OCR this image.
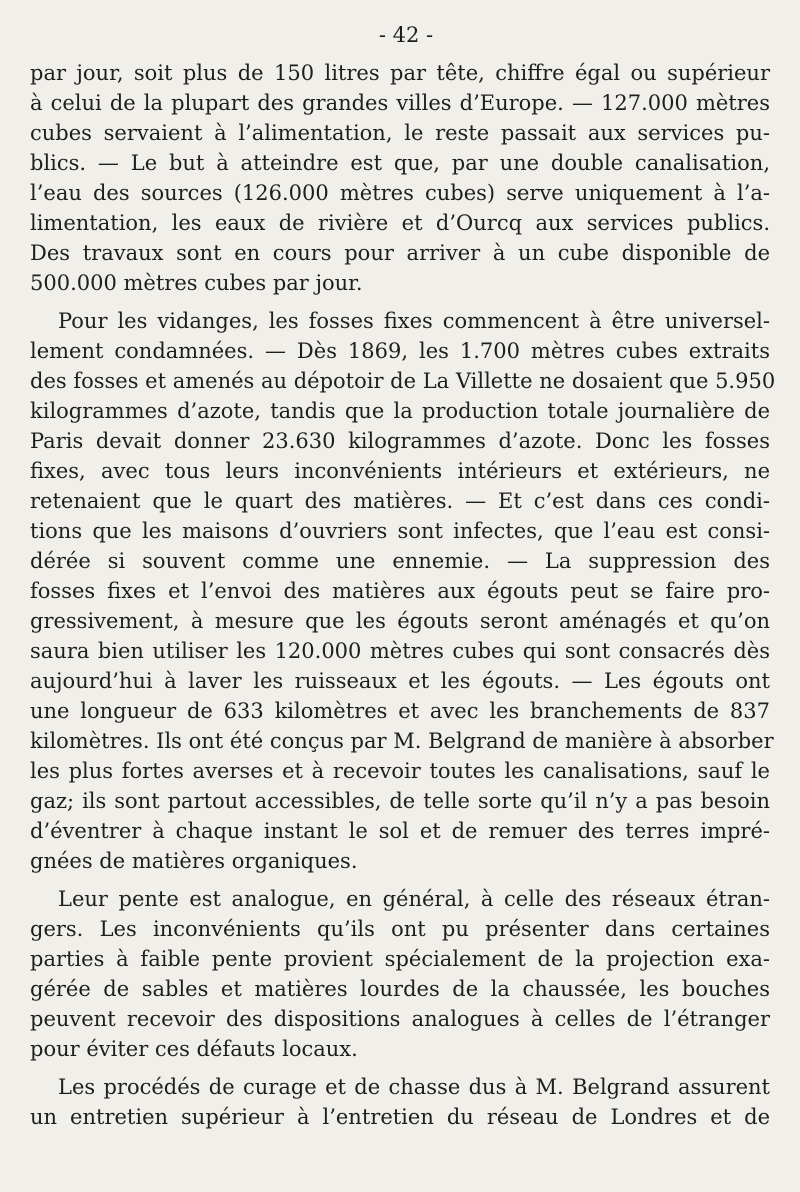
- 42 -
par jour, soit plus de 150 litres par tête, chiffre égal ou supérieur
à celui de la plupart des grandes villes d’Europe. — 127.000 mètres
cubes servaient à l’alimentation, le reste passait aux services pu-
blics. — Le but à atteindre est que, par une double canalisation,
l’eau des sources (126.000 mètres cubes) serve uniquement à l’a-
limentation, les eaux de rivière et d’Ourcq aux services publics.
Des travaux sont en cours pour arriver à un cube disponible de
500.000 mètres cubes par jour.
Pour les vidanges, les fosses fixes commencent à être universel-
lement condamnées. — Dès 1869, les 1.700 mètres cubes extraits
des fosses et amenés au dépotoir de La Villette ne dosaient que 5.950
kilogrammes d’azote, tandis que la production totale journalière de
Paris devait donner 23.630 kilogrammes d’azote. Donc les fosses
fixes, avec tous leurs inconvénients intérieurs et extérieurs, ne
retenaient que le quart des matières. — Et c’est dans ces condi-
tions que les maisons d’ouvriers sont infectes, que l’eau est consi-
dérée si souvent comme une ennemie. — La suppression des
fosses fixes et l’envoi des matières aux égouts peut se faire pro-
gressivement, à mesure que les égouts seront aménagés et qu’on
saura bien utiliser les 120.000 mètres cubes qui sont consacrés dès
aujourd’hui à laver les ruisseaux et les égouts. — Les égouts ont
une longueur de 633 kilomètres et avec les branchements de 837
kilomètres. Ils ont été conçus par M. Belgrand de manière à absorber
les plus fortes averses et à recevoir toutes les canalisations, sauf le
gaz; ils sont partout accessibles, de telle sorte qu’il n’y a pas besoin
d’éventrer à chaque instant le sol et de remuer des terres impré-
gnées de matières organiques.
Leur pente est analogue, en général, à celle des réseaux étran-
gers. Les inconvénients qu’ils ont pu présenter dans certaines
parties à faible pente provient spécialement de la projection exa-
gérée de sables et matières lourdes de la chaussée, les bouches
peuvent recevoir des dispositions analogues à celles de l’étranger
pour éviter ces défauts locaux.
Les procédés de curage et de chasse dus à M. Belgrand assurent
un entretien supérieur à l’entretien du réseau de Londres et de
